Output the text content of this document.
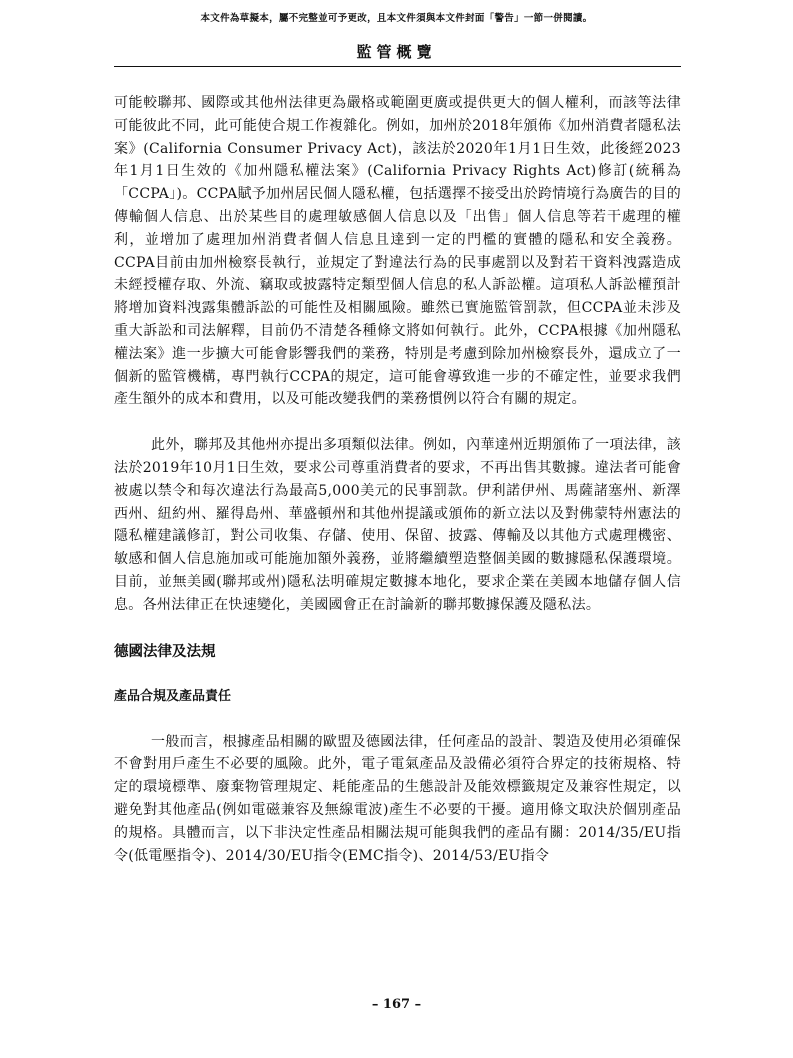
本文件為草擬本，屬不完整並可予更改，且本文件須與本文件封面「警告」一節一併閱讀。
監管概覽

可能較聯邦、國際或其他州法律更為嚴格或範圍更廣或提供更大的個人權利，而該等法律可能彼此不同，此可能使合規工作複雜化。例如，加州於2018年頒佈《加州消費者隱私法案》(California Consumer Privacy Act)，該法於2020年1月1日生效，此後經2023年1月1日生效的《加州隱私權法案》(California Privacy Rights Act)修訂(統稱為「CCPA」)。CCPA賦予加州居民個人隱私權，包括選擇不接受出於跨情境行為廣告的目的傳輸個人信息、出於某些目的處理敏感個人信息以及「出售」個人信息等若干處理的權利，並增加了處理加州消費者個人信息且達到一定的門檻的實體的隱私和安全義務。CCPA目前由加州檢察長執行，並規定了對違法行為的民事處罰以及對若干資料洩露造成未經授權存取、外流、竊取或披露特定類型個人信息的私人訴訟權。這項私人訴訟權預計將增加資料洩露集體訴訟的可能性及相關風險。雖然已實施監管罰款，但CCPA並未涉及重大訴訟和司法解釋，目前仍不清楚各種條文將如何執行。此外，CCPA根據《加州隱私權法案》進一步擴大可能會影響我們的業務，特別是考慮到除加州檢察長外，還成立了一個新的監管機構，專門執行CCPA的規定，這可能會導致進一步的不確定性，並要求我們產生額外的成本和費用，以及可能改變我們的業務慣例以符合有關的規定。

此外，聯邦及其他州亦提出多項類似法律。例如，內華達州近期頒佈了一項法律，該法於2019年10月1日生效，要求公司尊重消費者的要求，不再出售其數據。違法者可能會被處以禁令和每次違法行為最高5,000美元的民事罰款。伊利諾伊州、馬薩諸塞州、新澤西州、紐約州、羅得島州、華盛頓州和其他州提議或頒佈的新立法以及對佛蒙特州憲法的隱私權建議修訂，對公司收集、存儲、使用、保留、披露、傳輸及以其他方式處理機密、敏感和個人信息施加或可能施加額外義務，並將繼續塑造整個美國的數據隱私保護環境。目前，並無美國(聯邦或州)隱私法明確規定數據本地化，要求企業在美國本地儲存個人信息。各州法律正在快速變化，美國國會正在討論新的聯邦數據保護及隱私法。

德國法律及法規
產品合規及產品責任

一般而言，根據產品相關的歐盟及德國法律，任何產品的設計、製造及使用必須確保不會對用戶產生不必要的風險。此外，電子電氣產品及設備必須符合界定的技術規格、特定的環境標準、廢棄物管理規定、耗能產品的生態設計及能效標籤規定及兼容性規定，以避免對其他產品(例如電磁兼容及無線電波)產生不必要的干擾。適用條文取決於個別產品的規格。具體而言，以下非決定性產品相關法規可能與我們的產品有關：2014/35/EU指令(低電壓指令)、2014/30/EU指令(EMC指令)、2014/53/EU指令

– 167 –
